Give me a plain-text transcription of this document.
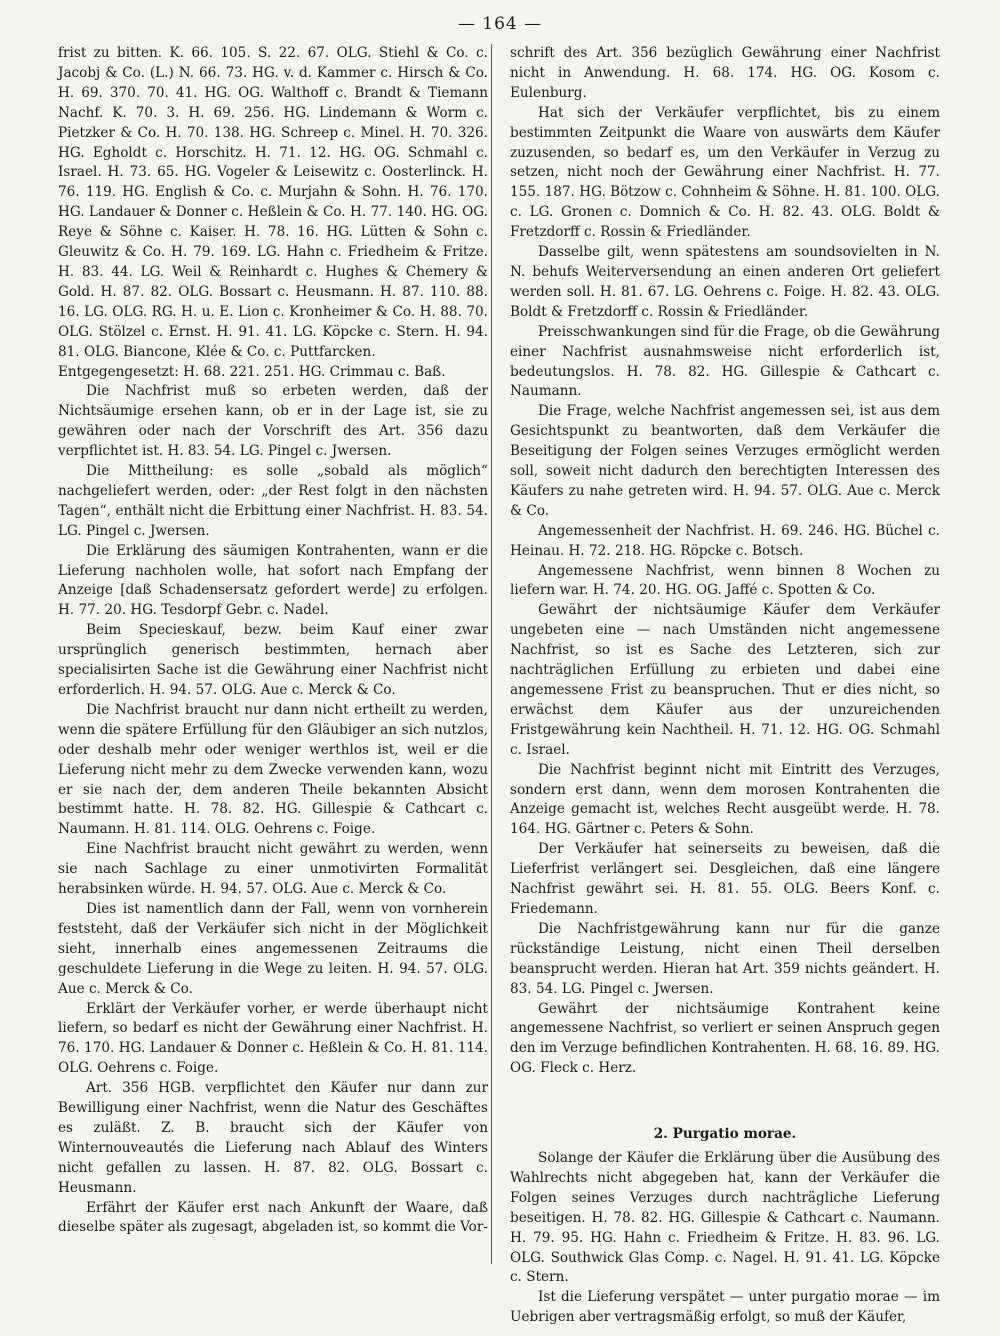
— 164 —

frist zu bitten. K. 66. 105. S. 22. 67. OLG. Stiehl & Co. c. Jacobj & Co. (L.) N. 66. 73. HG. v. d. Kammer c. Hirsch & Co. H. 69. 370. 70. 41. HG. OG. Walthoff c. Brandt & Tiemann Nachf. K. 70. 3. H. 69. 256. HG. Lindemann & Worm c. Pietzker & Co. H. 70. 138. HG. Schreep c. Minel. H. 70. 326. HG. Egholdt c. Horschitz. H. 71. 12. HG. OG. Schmahl c. Israel. H. 73. 65. HG. Vogeler & Leisewitz c. Oosterlinck. H. 76. 119. HG. English & Co. c. Murjahn & Sohn. H. 76. 170. HG. Landauer & Donner c. Heßlein & Co. H. 77. 140. HG. OG. Reye & Söhne c. Kaiser. H. 78. 16. HG. Lütten & Sohn c. Gleuwitz & Co. H. 79. 169. LG. Hahn c. Friedheim & Fritze. H. 83. 44. LG. Weil & Reinhardt c. Hughes & Chemery & Gold. H. 87. 82. OLG. Bossart c. Heusmann. H. 87. 110. 88. 16. LG. OLG. RG. H. u. E. Lion c. Kronheimer & Co. H. 88. 70. OLG. Stölzel c. Ernst. H. 91. 41. LG. Köpcke c. Stern. H. 94. 81. OLG. Biancone, Klée & Co. c. Puttfarcken.

Entgegengesetzt: H. 68. 221. 251. HG. Crimmau c. Baß.

Die Nachfrist muß so erbeten werden, daß der Nichtsäumige ersehen kann, ob er in der Lage ist, sie zu gewähren oder nach der Vorschrift des Art. 356 dazu verpflichtet ist. H. 83. 54. LG. Pingel c. Jwersen.

Die Mittheilung: es solle „sobald als möglich“ nachgeliefert werden, oder: „der Rest folgt in den nächsten Tagen“, enthält nicht die Erbittung einer Nachfrist. H. 83. 54. LG. Pingel c. Jwersen.

Die Erklärung des säumigen Kontrahenten, wann er die Lieferung nachholen wolle, hat sofort nach Empfang der Anzeige [daß Schadensersatz gefordert werde] zu erfolgen. H. 77. 20. HG. Tesdorpf Gebr. c. Nadel.

Beim Specieskauf, bezw. beim Kauf einer zwar ursprünglich generisch bestimmten, hernach aber specialisirten Sache ist die Gewährung einer Nachfrist nicht erforderlich. H. 94. 57. OLG. Aue c. Merck & Co.

Die Nachfrist braucht nur dann nicht ertheilt zu werden, wenn die spätere Erfüllung für den Gläubiger an sich nutzlos, oder deshalb mehr oder weniger werthlos ist, weil er die Lieferung nicht mehr zu dem Zwecke verwenden kann, wozu er sie nach der, dem anderen Theile bekannten Absicht bestimmt hatte. H. 78. 82. HG. Gillespie & Cathcart c. Naumann. H. 81. 114. OLG. Oehrens c. Foige.

Eine Nachfrist braucht nicht gewährt zu werden, wenn sie nach Sachlage zu einer unmotivirten Formalität herabsinken würde. H. 94. 57. OLG. Aue c. Merck & Co.

Dies ist namentlich dann der Fall, wenn von vornherein feststeht, daß der Verkäufer sich nicht in der Möglichkeit sieht, innerhalb eines angemessenen Zeitraums die geschuldete Lieferung in die Wege zu leiten. H. 94. 57. OLG. Aue c. Merck & Co.

Erklärt der Verkäufer vorher, er werde überhaupt nicht liefern, so bedarf es nicht der Gewährung einer Nachfrist. H. 76. 170. HG. Landauer & Donner c. Heßlein & Co. H. 81. 114. OLG. Oehrens c. Foige.

Art. 356 HGB. verpflichtet den Käufer nur dann zur Bewilligung einer Nachfrist, wenn die Natur des Geschäftes es zuläßt. Z. B. braucht sich der Käufer von Winternouveautés die Lieferung nach Ablauf des Winters nicht gefallen zu lassen. H. 87. 82. OLG. Bossart c. Heusmann.

Erfährt der Käufer erst nach Ankunft der Waare, daß dieselbe später als zugesagt, abgeladen ist, so kommt die Vor-

schrift des Art. 356 bezüglich Gewährung einer Nachfrist nicht in Anwendung. H. 68. 174. HG. OG. Kosom c. Eulenburg.

Hat sich der Verkäufer verpflichtet, bis zu einem bestimmten Zeitpunkt die Waare von auswärts dem Käufer zuzusenden, so bedarf es, um den Verkäufer in Verzug zu setzen, nicht noch der Gewährung einer Nachfrist. H. 77. 155. 187. HG. Bötzow c. Cohnheim & Söhne. H. 81. 100. OLG. c. LG. Gronen c. Domnich & Co. H. 82. 43. OLG. Boldt & Fretzdorff c. Rossin & Friedländer.

Dasselbe gilt, wenn spätestens am soundsovielten in N. N. behufs Weiterversendung an einen anderen Ort geliefert werden soll. H. 81. 67. LG. Oehrens c. Foige. H. 82. 43. OLG. Boldt & Fretzdorff c. Rossin & Friedländer.

Preisschwankungen sind für die Frage, ob die Gewährung einer Nachfrist ausnahmsweise nicht erforderlich ist, bedeutungslos. H. 78. 82. HG. Gillespie & Cathcart c. Naumann.

Die Frage, welche Nachfrist angemessen sei, ist aus dem Gesichtspunkt zu beantworten, daß dem Verkäufer die Beseitigung der Folgen seines Verzuges ermöglicht werden soll, soweit nicht dadurch den berechtigten Interessen des Käufers zu nahe getreten wird. H. 94. 57. OLG. Aue c. Merck & Co.

Angemessenheit der Nachfrist. H. 69. 246. HG. Büchel c. Heinau. H. 72. 218. HG. Röpcke c. Botsch.

Angemessene Nachfrist, wenn binnen 8 Wochen zu liefern war. H. 74. 20. HG. OG. Jaffé c. Spotten & Co.

Gewährt der nichtsäumige Käufer dem Verkäufer ungebeten eine — nach Umständen nicht angemessene Nachfrist, so ist es Sache des Letzteren, sich zur nachträglichen Erfüllung zu erbieten und dabei eine angemessene Frist zu beanspruchen. Thut er dies nicht, so erwächst dem Käufer aus der unzureichenden Fristgewährung kein Nachtheil. H. 71. 12. HG. OG. Schmahl c. Israel.

Die Nachfrist beginnt nicht mit Eintritt des Verzuges, sondern erst dann, wenn dem morosen Kontrahenten die Anzeige gemacht ist, welches Recht ausgeübt werde. H. 78. 164. HG. Gärtner c. Peters & Sohn.

Der Verkäufer hat seinerseits zu beweisen, daß die Lieferfrist verlängert sei. Desgleichen, daß eine längere Nachfrist gewährt sei. H. 81. 55. OLG. Beers Konf. c. Friedemann.

Die Nachfristgewährung kann nur für die ganze rückständige Leistung, nicht einen Theil derselben beansprucht werden. Hieran hat Art. 359 nichts geändert. H. 83. 54. LG. Pingel c. Jwersen.

Gewährt der nichtsäumige Kontrahent keine angemessene Nachfrist, so verliert er seinen Anspruch gegen den im Verzuge befindlichen Kontrahenten. H. 68. 16. 89. HG. OG. Fleck c. Herz.

2. Purgatio morae.

Solange der Käufer die Erklärung über die Ausübung des Wahlrechts nicht abgegeben hat, kann der Verkäufer die Folgen seines Verzuges durch nachträgliche Lieferung beseitigen. H. 78. 82. HG. Gillespie & Cathcart c. Naumann. H. 79. 95. HG. Hahn c. Friedheim & Fritze. H. 83. 96. LG. OLG. Southwick Glas Comp. c. Nagel. H. 91. 41. LG. Köpcke c. Stern.

Ist die Lieferung verspätet — unter purgatio morae — im Uebrigen aber vertragsmäßig erfolgt, so muß der Käufer,
